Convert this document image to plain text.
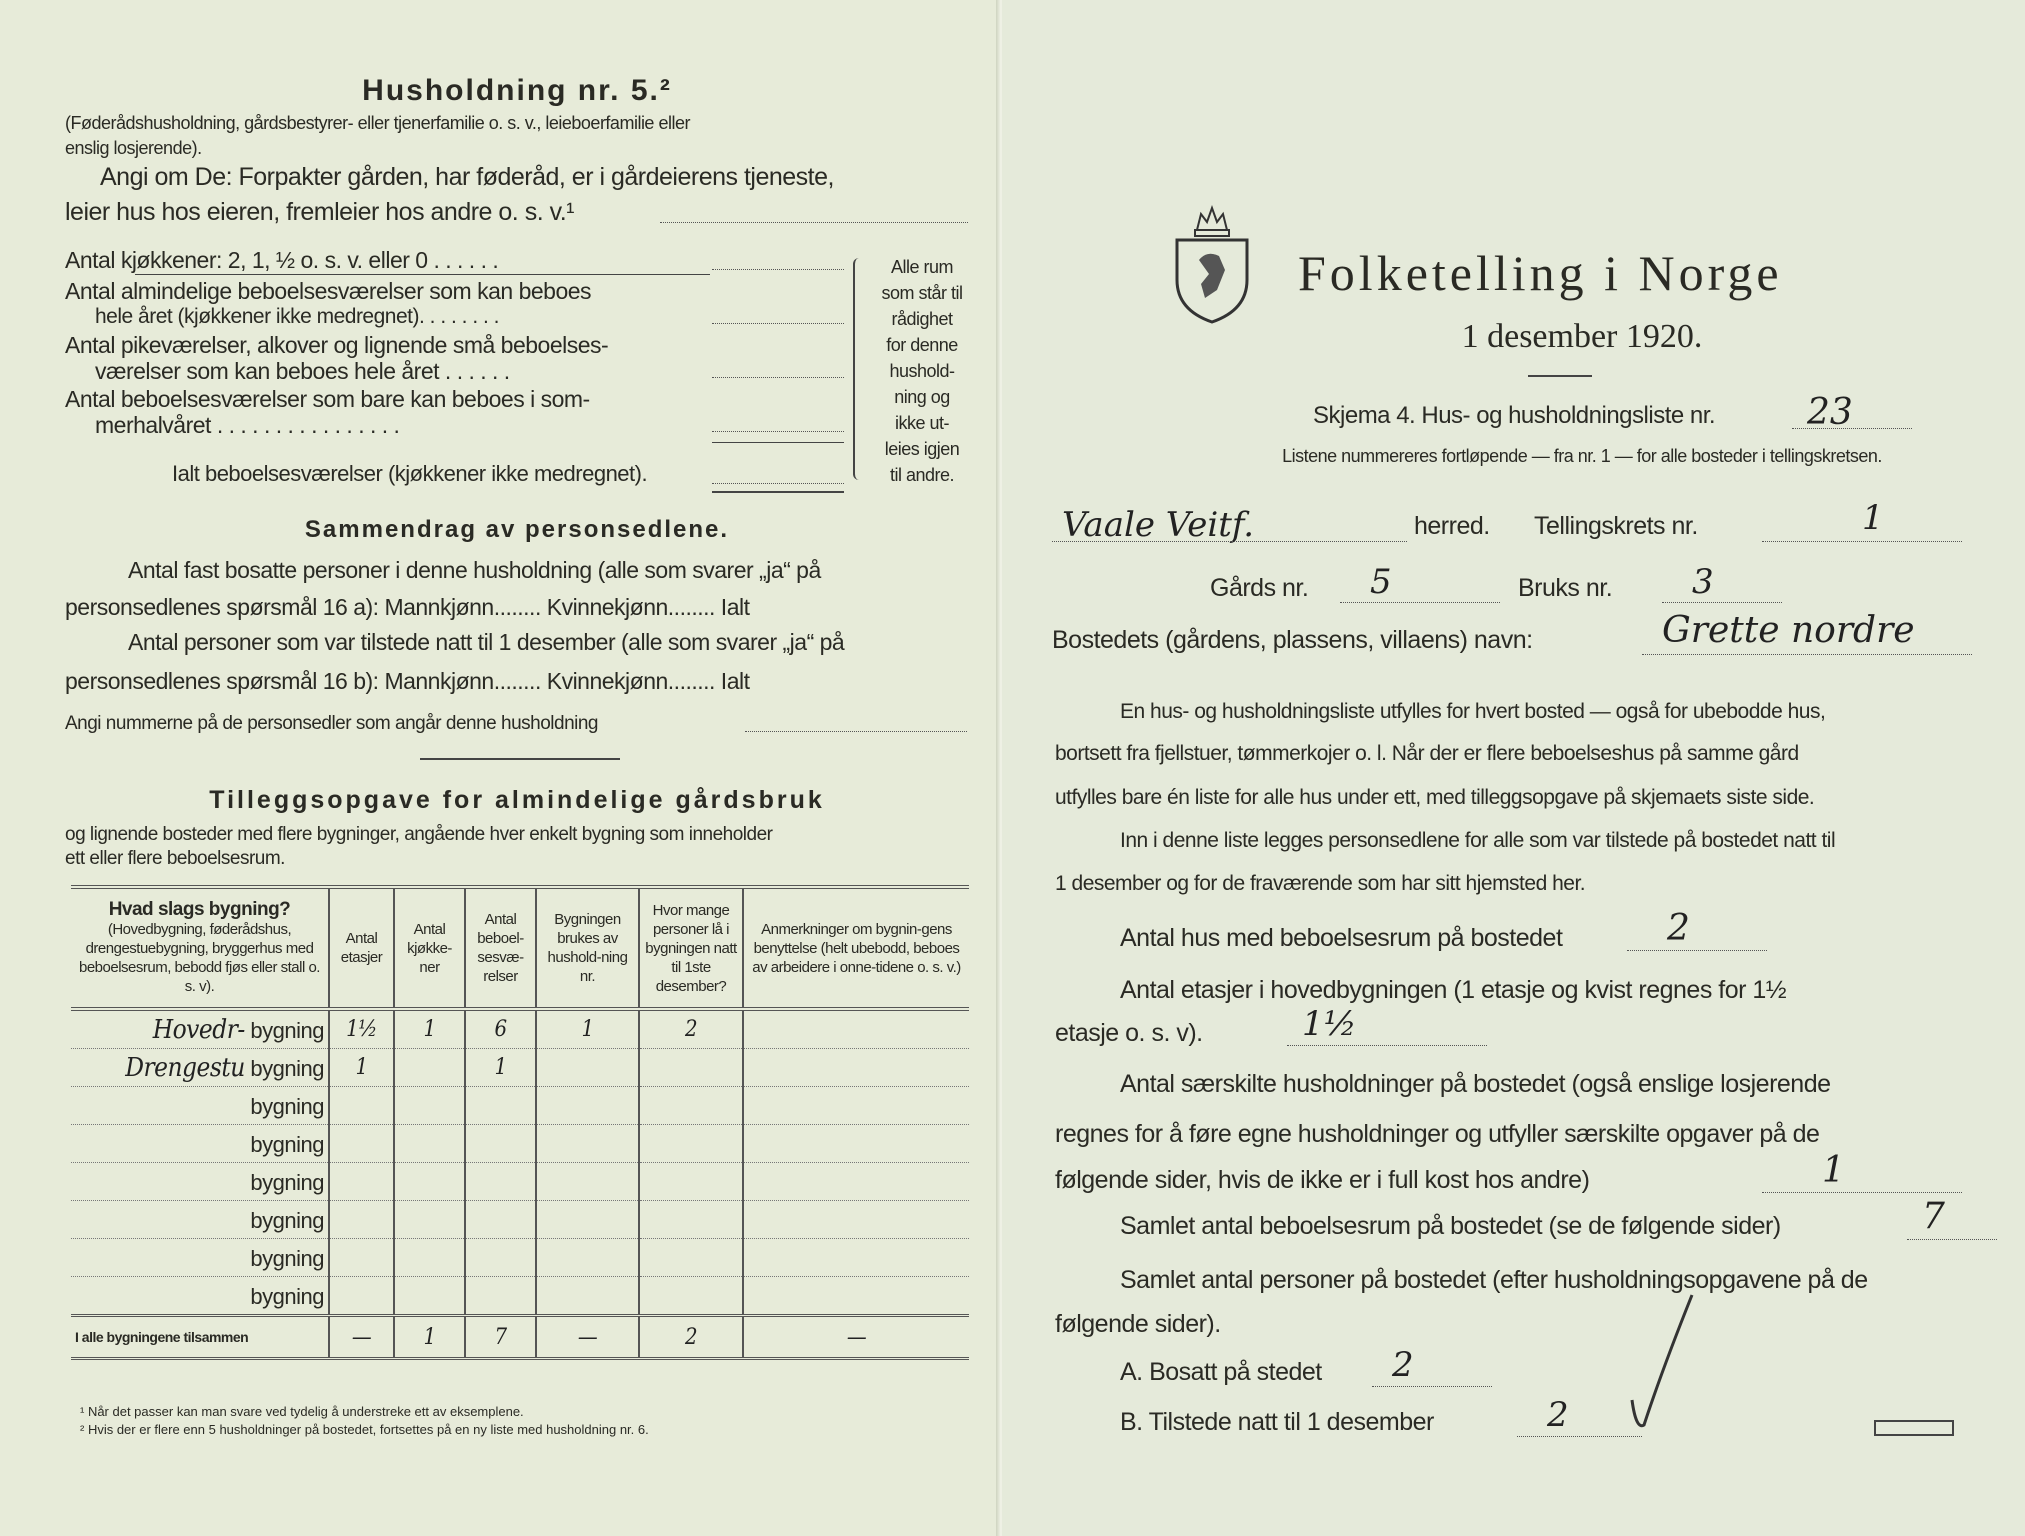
Husholdning nr. 5.²
(Føderådshusholdning, gårdsbestyrer- eller tjenerfamilie o. s. v., leieboerfamilie eller
enslig losjerende).
Angi om De: Forpakter gården, har føderåd, er i gårdeierens tjeneste,
leier hus hos eieren, fremleier hos andre o. s. v.¹
Antal kjøkkener: 2, 1, ½ o. s. v. eller 0 . . . . . .
Antal almindelige beboelsesværelser som kan beboes
hele året (kjøkkener ikke medregnet). . . . . . . .
Antal pikeværelser, alkover og lignende små beboelses-
værelser som kan beboes hele året . . . . . .
Antal beboelsesværelser som bare kan beboes i som-
merhalvåret . . . . . . . . . . . . . . . .
Ialt beboelsesværelser (kjøkkener ikke medregnet).
Alle rum
som står til
rådighet
for denne
hushold-
ning og
ikke ut-
leies igjen
til andre.
Sammendrag av personsedlene.
Antal fast bosatte personer i denne husholdning (alle som svarer „ja“ på
personsedlenes spørsmål 16 a): Mannkjønn........ Kvinnekjønn........ Ialt
Antal personer som var tilstede natt til 1 desember (alle som svarer „ja“ på
personsedlenes spørsmål 16 b): Mannkjønn........ Kvinnekjønn........ Ialt
Angi nummerne på de personsedler som angår denne husholdning
Tilleggsopgave for almindelige gårdsbruk
og lignende bosteder med flere bygninger, angående hver enkelt bygning som inneholder
ett eller flere beboelsesrum.
Hvad slags bygning?
(Hovedbygning, føderådshus, drengestuebygning, bryggerhus med beboelsesrum, bebodd fjøs eller stall o. s. v).	Antal etasjer	Antal kjøkke-ner	Antal beboel-sesvæ-relser	Bygningen brukes av hushold-ning nr.	Hvor mange personer lå i bygningen natt til 1ste desember?	Anmerkninger om bygnin-gens benyttelse (helt ubebodd, beboes av arbeidere i onne-tidene o. s. v.)
Hovedr- bygning	1½	1	6	1	2	
Drengestu bygning	1		1			
bygning						
bygning						
bygning						
bygning						
bygning						
bygning						
I alle bygningene tilsammen	—	1	7	—	2	—
¹ Når det passer kan man svare ved tydelig å understreke ett av eksemplene.
² Hvis der er flere enn 5 husholdninger på bostedet, fortsettes på en ny liste med husholdning nr. 6.
Folketelling i Norge
1 desember 1920.
Skjema 4. Hus- og husholdningsliste nr.	23
Listene nummereres fortløpende — fra nr. 1 — for alle bosteder i tellingskretsen.
Vaale Veitf.	herred. Tellingskrets nr.	1
Gårds nr. 5	Bruks nr. 3
Bostedets (gårdens, plassens, villaens) navn:	Grette nordre
En hus- og husholdningsliste utfylles for hvert bosted — også for ubebodde hus,
bortsett fra fjellstuer, tømmerkojer o. l. Når der er flere beboelseshus på samme gård
utfylles bare én liste for alle hus under ett, med tilleggsopgave på skjemaets siste side.
Inn i denne liste legges personsedlene for alle som var tilstede på bostedet natt til
1 desember og for de fraværende som har sitt hjemsted her.
Antal hus med beboelsesrum på bostedet	2
Antal etasjer i hovedbygningen (1 etasje og kvist regnes for 1½
etasje o. s. v).	1½
Antal særskilte husholdninger på bostedet (også enslige losjerende
regnes for å føre egne husholdninger og utfyller særskilte opgaver på de
følgende sider, hvis de ikke er i full kost hos andre)	1
Samlet antal beboelsesrum på bostedet (se de følgende sider)	7
Samlet antal personer på bostedet (efter husholdningsopgavene på de
følgende sider).
A. Bosatt på stedet 2
B. Tilstede natt til 1 desember	2
